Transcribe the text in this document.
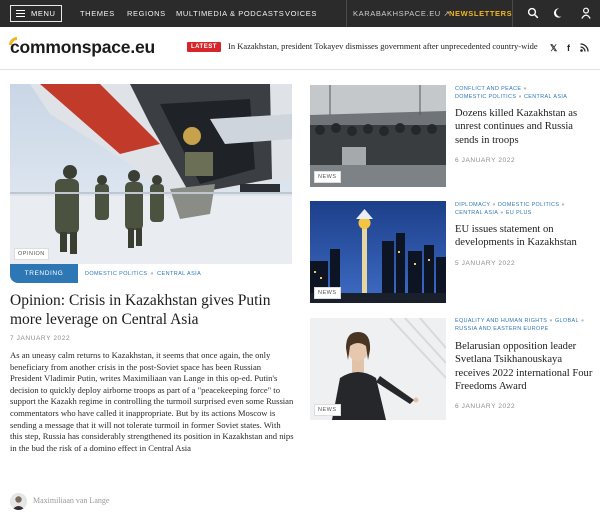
MENU	THEMES REGIONS MULTIMEDIA & PODCASTS VOICES	KARABAKHSPACE.EU ↗
NEWSLETTERS
commonspace.eu	LATEST	In Kazakhstan, president Tokayev dismisses government after unprecedented country-wide 𝕏 f
OPINION
TRENDING	DOMESTIC POLITICS ● CENTRAL ASIA
Opinion: Crisis in Kazakhstan gives Putin more leverage on Central Asia
7 JANUARY 2022
As an uneasy calm returns to Kazakhstan, it seems that once again, the only beneficiary from another crisis in the post-Soviet space has been Russian President Vladimir Putin, writes Maximiliaan van Lange in this op-ed. Putin's decision to quickly deploy airborne troops as part of a "peacekeeping force" to support the Kazakh regime in controlling the turmoil surprised even some Russian commentators who have called it inappropriate. But by its actions Moscow is sending a message that it will not tolerate turmoil in former Soviet states. With this step, Russia has considerably strengthened its position in Kazakhstan and nips in the bud the risk of a domino effect in Central Asia
Maximiliaan van Lange
NEWS
CONFLICT AND PEACE ●
DOMESTIC POLITICS ● CENTRAL ASIA
Dozens killed Kazakhstan as unrest continues and Russia sends in troops
6 JANUARY 2022
NEWS
DIPLOMACY ● DOMESTIC POLITICS ●
CENTRAL ASIA ● EU PLUS
EU issues statement on developments in Kazakhstan
5 JANUARY 2022
NEWS
EQUALITY AND HUMAN RIGHTS ● GLOBAL ●
RUSSIA AND EASTERN EUROPE
Belarusian opposition leader Svetlana Tsikhanouskaya receives 2022 international Four Freedoms Award
6 JANUARY 2022
